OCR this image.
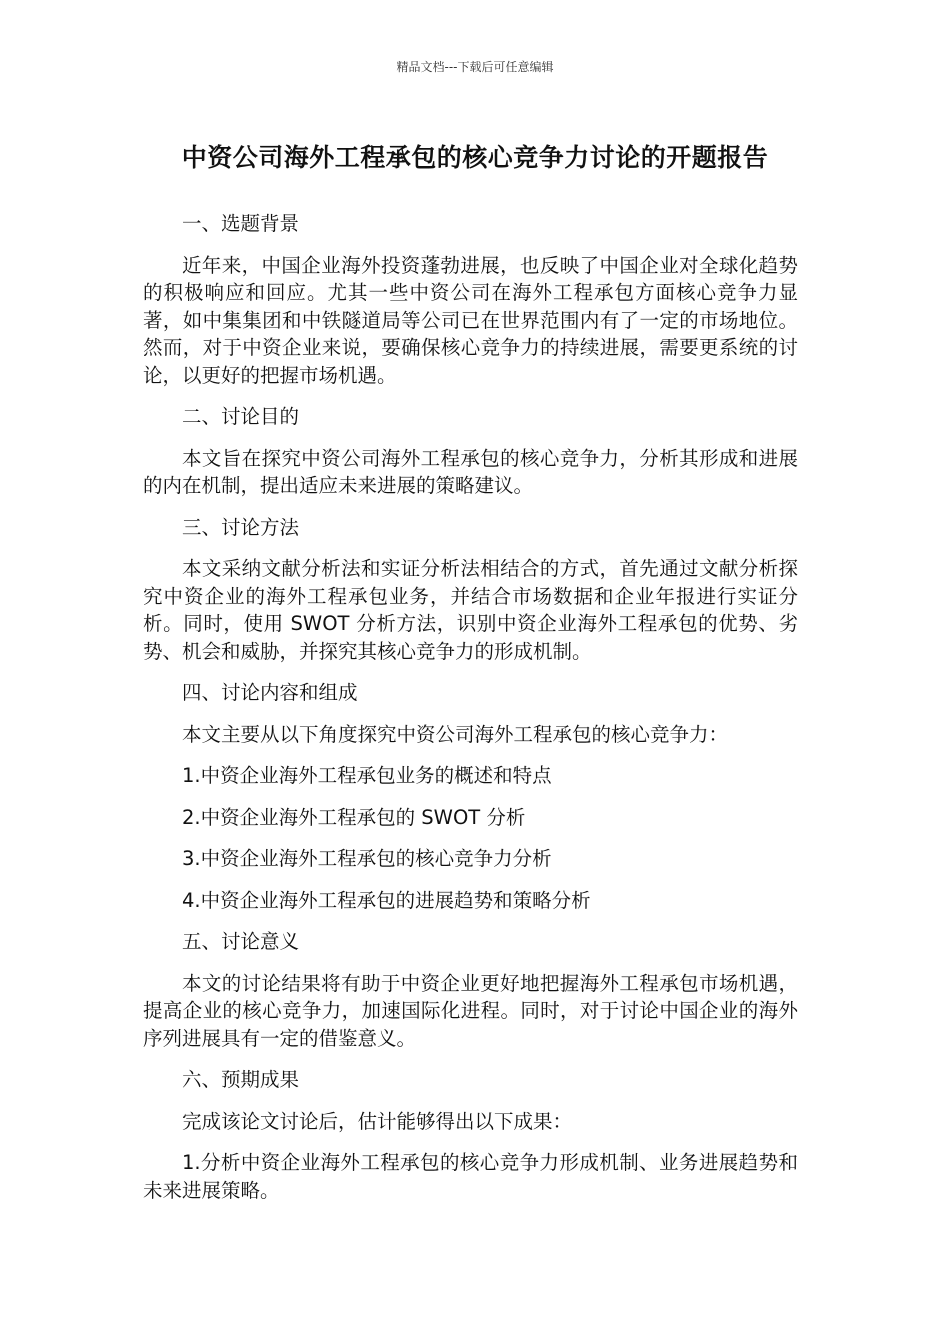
精品文档---下载后可任意编辑
中资公司海外工程承包的核心竞争力讨论的开题报告
一、选题背景
近年来，中国企业海外投资蓬勃进展，也反映了中国企业对全球化趋势的积极响应和回应。尤其一些中资公司在海外工程承包方面核心竞争力显著，如中集集团和中铁隧道局等公司已在世界范围内有了一定的市场地位。然而，对于中资企业来说，要确保核心竞争力的持续进展，需要更系统的讨论，以更好的把握市场机遇。
二、讨论目的
本文旨在探究中资公司海外工程承包的核心竞争力，分析其形成和进展的内在机制，提出适应未来进展的策略建议。
三、讨论方法
本文采纳文献分析法和实证分析法相结合的方式，首先通过文献分析探究中资企业的海外工程承包业务，并结合市场数据和企业年报进行实证分析。同时，使用 SWOT 分析方法，识别中资企业海外工程承包的优势、劣势、机会和威胁，并探究其核心竞争力的形成机制。
四、讨论内容和组成
本文主要从以下角度探究中资公司海外工程承包的核心竞争力：
1.中资企业海外工程承包业务的概述和特点
2.中资企业海外工程承包的 SWOT 分析
3.中资企业海外工程承包的核心竞争力分析
4.中资企业海外工程承包的进展趋势和策略分析
五、讨论意义
本文的讨论结果将有助于中资企业更好地把握海外工程承包市场机遇，提高企业的核心竞争力，加速国际化进程。同时，对于讨论中国企业的海外序列进展具有一定的借鉴意义。
六、预期成果
完成该论文讨论后，估计能够得出以下成果：
1.分析中资企业海外工程承包的核心竞争力形成机制、业务进展趋势和未来进展策略。
